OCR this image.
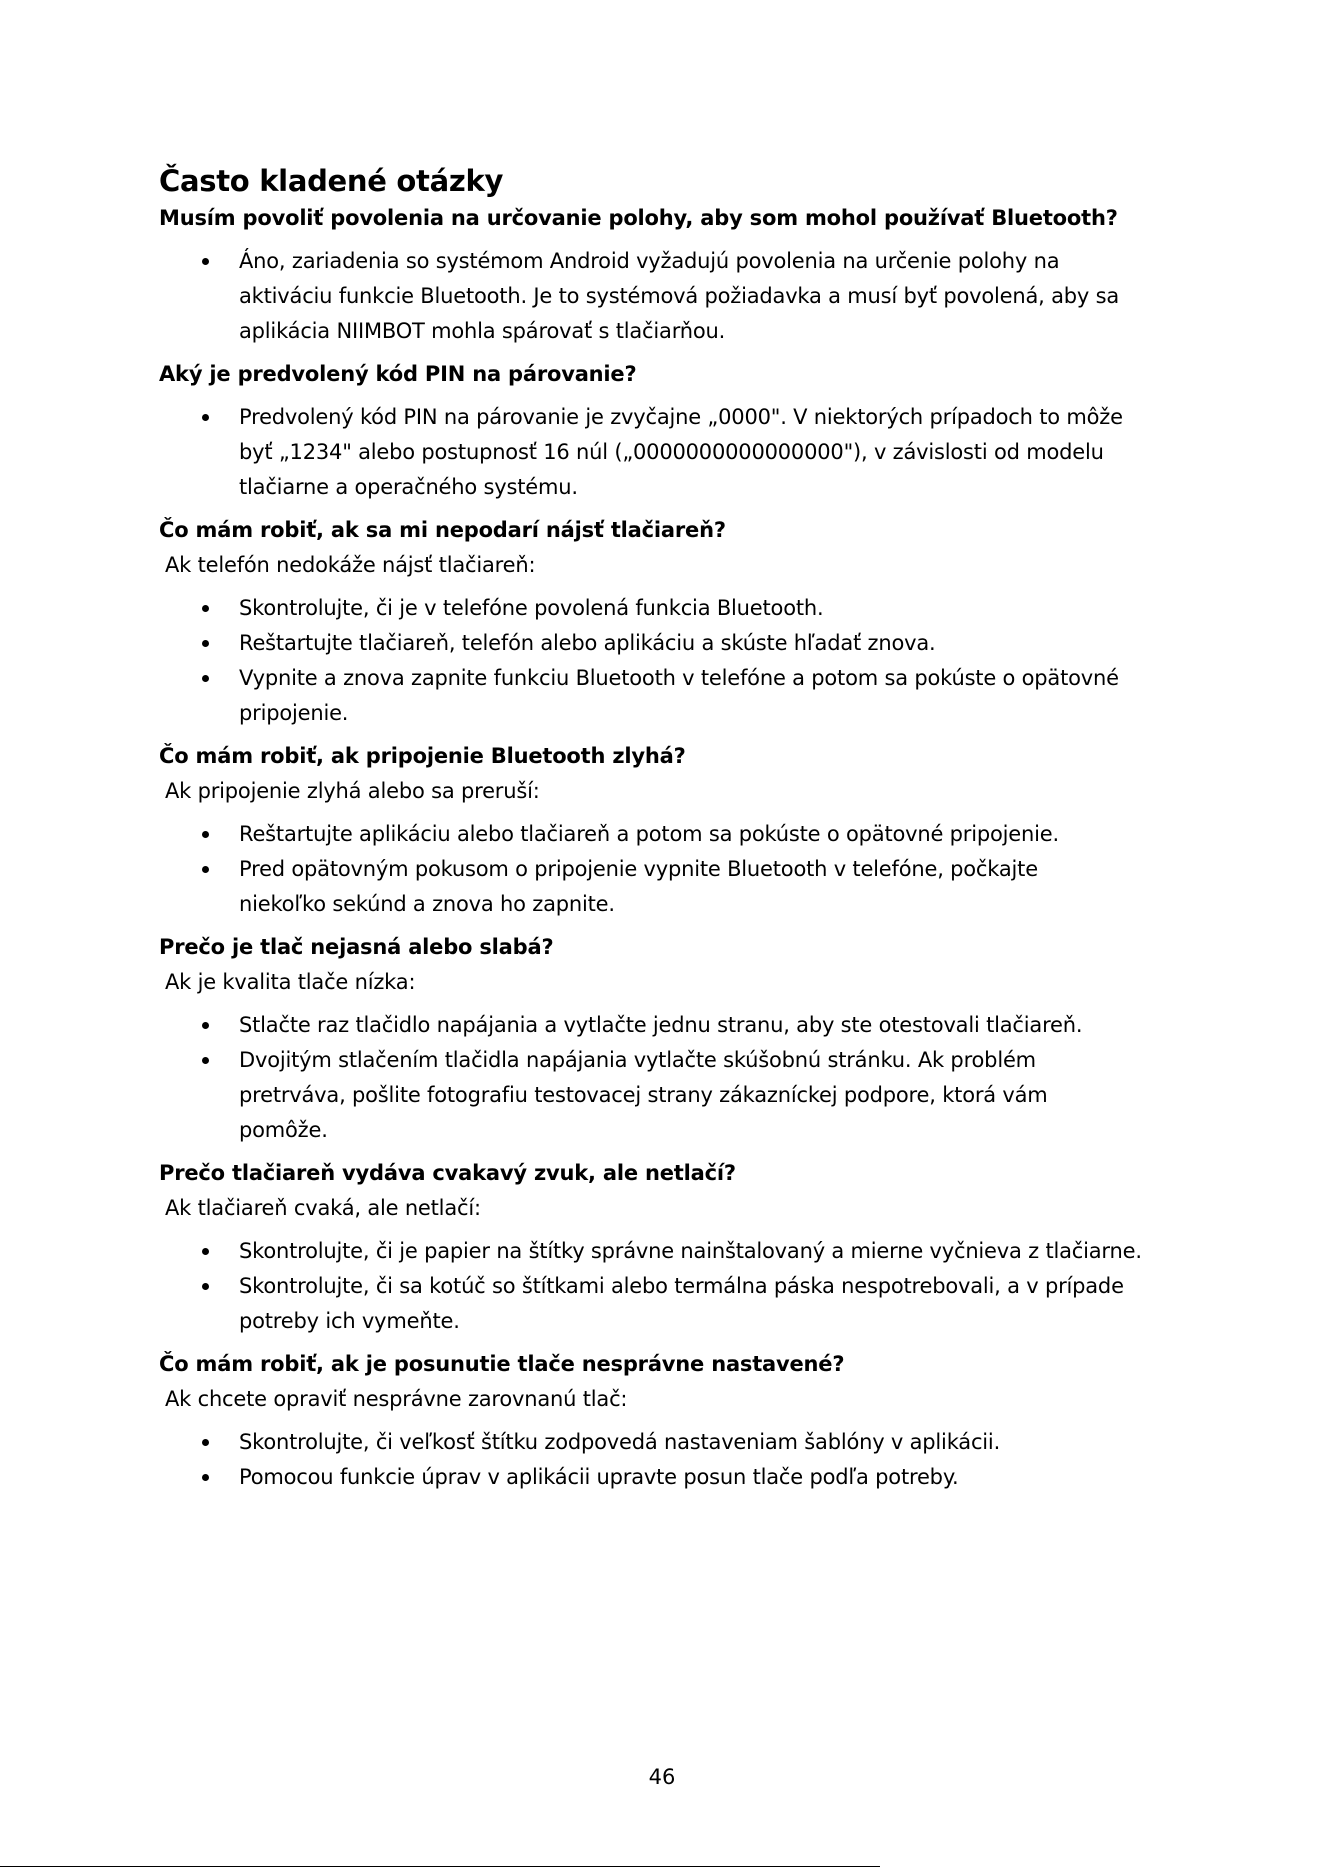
Často kladené otázky

Musím povoliť povolenia na určovanie polohy, aby som mohol používať Bluetooth?

Áno, zariadenia so systémom Android vyžadujú povolenia na určenie polohy na
aktiváciu funkcie Bluetooth. Je to systémová požiadavka a musí byť povolená, aby sa
aplikácia NIIMBOT mohla spárovať s tlačiarňou.

Aký je predvolený kód PIN na párovanie?

Predvolený kód PIN na párovanie je zvyčajne „0000". V niektorých prípadoch to môže
byť „1234" alebo postupnosť 16 núl („0000000000000000"), v závislosti od modelu
tlačiarne a operačného systému.

Čo mám robiť, ak sa mi nepodarí nájsť tlačiareň?

Ak telefón nedokáže nájsť tlačiareň:

Skontrolujte, či je v telefóne povolená funkcia Bluetooth.
Reštartujte tlačiareň, telefón alebo aplikáciu a skúste hľadať znova.
Vypnite a znova zapnite funkciu Bluetooth v telefóne a potom sa pokúste o opätovné
pripojenie.

Čo mám robiť, ak pripojenie Bluetooth zlyhá?

Ak pripojenie zlyhá alebo sa preruší:

Reštartujte aplikáciu alebo tlačiareň a potom sa pokúste o opätovné pripojenie.
Pred opätovným pokusom o pripojenie vypnite Bluetooth v telefóne, počkajte
niekoľko sekúnd a znova ho zapnite.

Prečo je tlač nejasná alebo slabá?

Ak je kvalita tlače nízka:

Stlačte raz tlačidlo napájania a vytlačte jednu stranu, aby ste otestovali tlačiareň.
Dvojitým stlačením tlačidla napájania vytlačte skúšobnú stránku. Ak problém
pretrváva, pošlite fotografiu testovacej strany zákazníckej podpore, ktorá vám
pomôže.

Prečo tlačiareň vydáva cvakavý zvuk, ale netlačí?

Ak tlačiareň cvaká, ale netlačí:

Skontrolujte, či je papier na štítky správne nainštalovaný a mierne vyčnieva z tlačiarne.
Skontrolujte, či sa kotúč so štítkami alebo termálna páska nespotrebovali, a v prípade
potreby ich vymeňte.

Čo mám robiť, ak je posunutie tlače nesprávne nastavené?

Ak chcete opraviť nesprávne zarovnanú tlač:

Skontrolujte, či veľkosť štítku zodpovedá nastaveniam šablóny v aplikácii.
Pomocou funkcie úprav v aplikácii upravte posun tlače podľa potreby.
46
